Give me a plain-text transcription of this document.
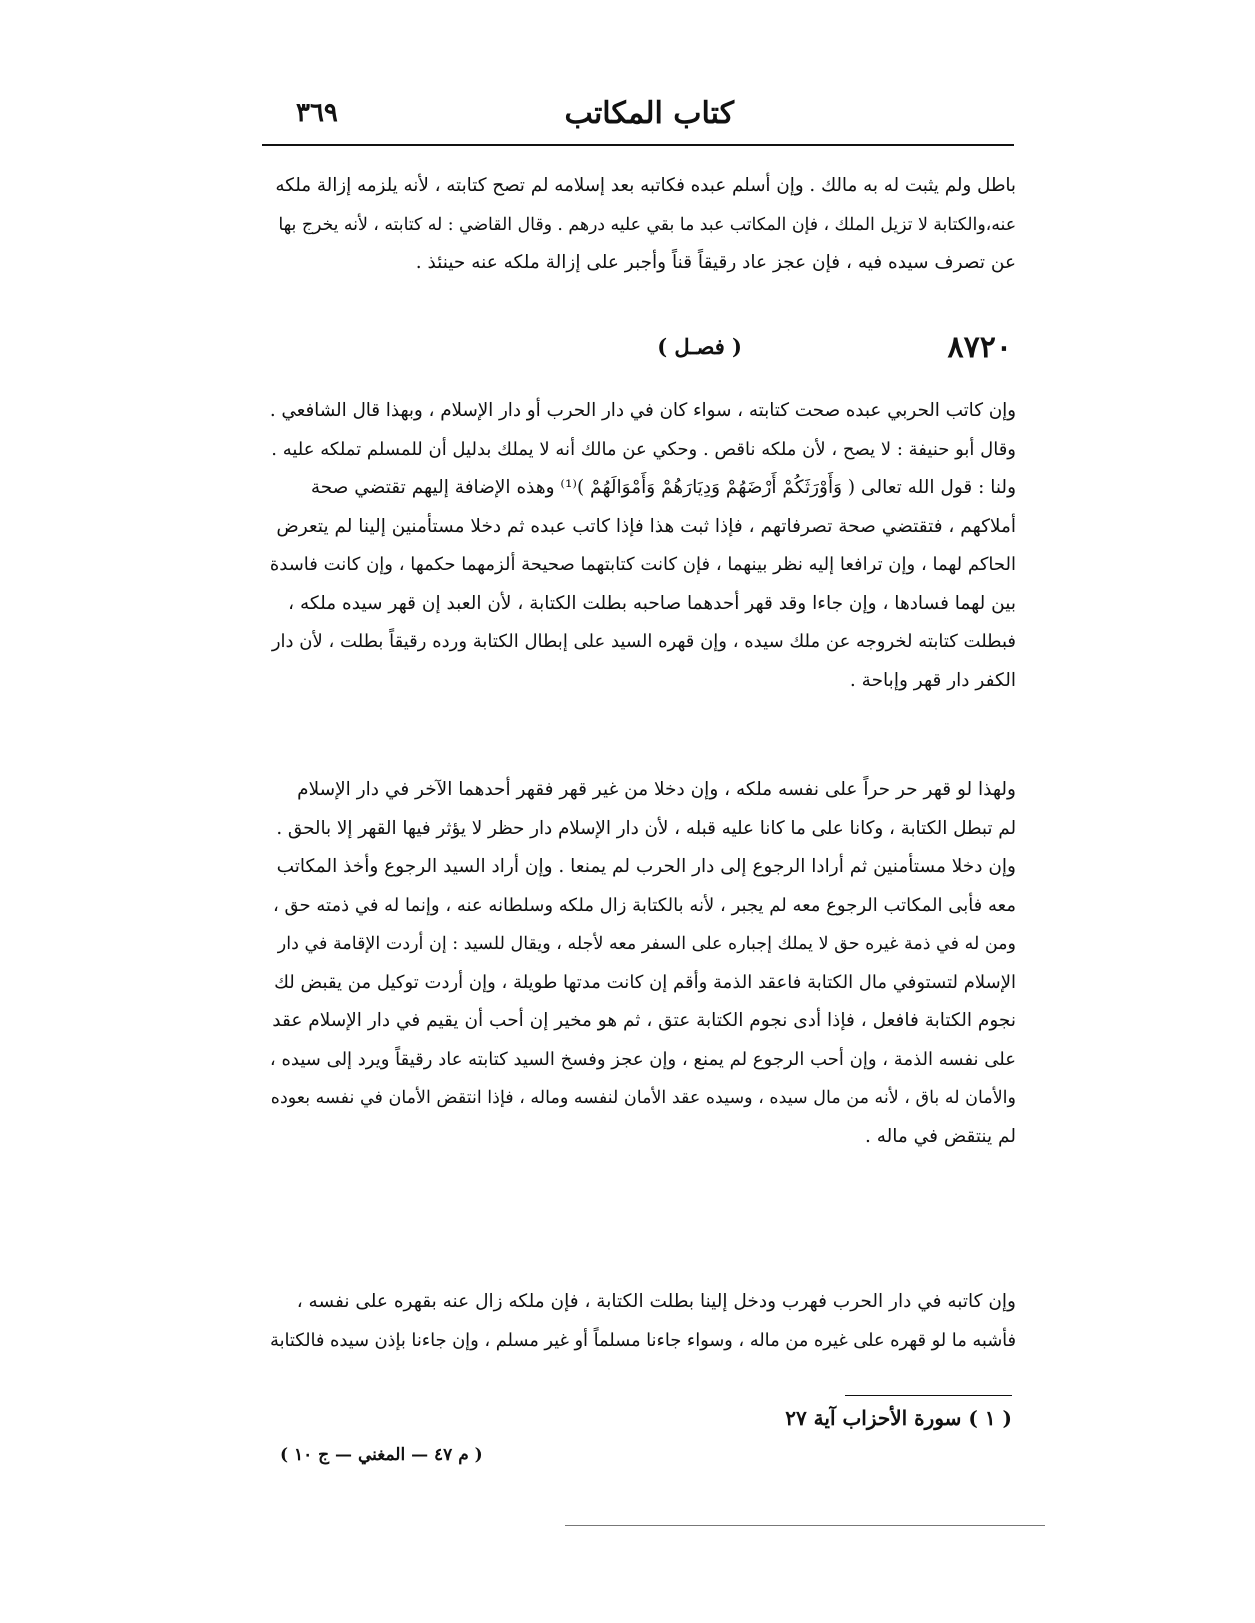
كتاب المكاتب
٣٦٩
باطل ولم يثبت له به مالك . وإن أسلم عبده فكاتبه بعد إسلامه لم تصح كتابته ، لأنه يلزمه إزالة ملكه
عنه،والكتابة لا تزيل الملك ، فإن المكاتب عبد ما بقي عليه درهم . وقال القاضي : له كتابته ، لأنه يخرج بها
عن تصرف سيده فيه ، فإن عجز عاد رقيقاً قناً وأجبر على إزالة ملكه عنه حينئذ .
( فصـل )	٨٧٢٠
وإن كاتب الحربي عبده صحت كتابته ، سواء كان في دار الحرب أو دار الإسلام ، وبهذا قال الشافعي .
وقال أبو حنيفة : لا يصح ، لأن ملكه ناقص . وحكي عن مالك أنه لا يملك بدليل أن للمسلم تملكه عليه .
ولنا : قول الله تعالى ( وَأَوْرَثَكُمْ أَرْضَهُمْ وَدِيَارَهُمْ وَأَمْوَالَهُمْ )⁽¹⁾ وهذه الإضافة إليهم تقتضي صحة
أملاكهم ، فتقتضي صحة تصرفاتهم ، فإذا ثبت هذا فإذا كاتب عبده ثم دخلا مستأمنين إلينا لم يتعرض
الحاكم لهما ، وإن ترافعا إليه نظر بينهما ، فإن كانت كتابتهما صحيحة ألزمهما حكمها ، وإن كانت فاسدة
بين لهما فسادها ، وإن جاءا وقد قهر أحدهما صاحبه بطلت الكتابة ، لأن العبد إن قهر سيده ملكه ،
فبطلت كتابته لخروجه عن ملك سيده ، وإن قهره السيد على إبطال الكتابة ورده رقيقاً بطلت ، لأن دار
الكفر دار قهر وإباحة .
ولهذا لو قهر حر حراً على نفسه ملكه ، وإن دخلا من غير قهر فقهر أحدهما الآخر في دار الإسلام
لم تبطل الكتابة ، وكانا على ما كانا عليه قبله ، لأن دار الإسلام دار حظر لا يؤثر فيها القهر إلا بالحق .
وإن دخلا مستأمنين ثم أرادا الرجوع إلى دار الحرب لم يمنعا . وإن أراد السيد الرجوع وأخذ المكاتب
معه فأبى المكاتب الرجوع معه لم يجبر ، لأنه بالكتابة زال ملكه وسلطانه عنه ، وإنما له في ذمته حق ،
ومن له في ذمة غيره حق لا يملك إجباره على السفر معه لأجله ، ويقال للسيد : إن أردت الإقامة في دار
الإسلام لتستوفي مال الكتابة فاعقد الذمة وأقم إن كانت مدتها طويلة ، وإن أردت توكيل من يقبض لك
نجوم الكتابة فافعل ، فإذا أدى نجوم الكتابة عتق ، ثم هو مخير إن أحب أن يقيم في دار الإسلام عقد
على نفسه الذمة ، وإن أحب الرجوع لم يمنع ، وإن عجز وفسخ السيد كتابته عاد رقيقاً ويرد إلى سيده ،
والأمان له باق ، لأنه من مال سيده ، وسيده عقد الأمان لنفسه وماله ، فإذا انتقض الأمان في نفسه بعوده
لم ينتقض في ماله .
وإن كاتبه في دار الحرب فهرب ودخل إلينا بطلت الكتابة ، فإن ملكه زال عنه بقهره على نفسه ،
فأشبه ما لو قهره على غيره من ماله ، وسواء جاءنا مسلماً أو غير مسلم ، وإن جاءنا بإذن سيده فالكتابة
( ١ ) سورة الأحزاب آية ٢٧
( م ٤٧ — المغني — ج ١٠ )
